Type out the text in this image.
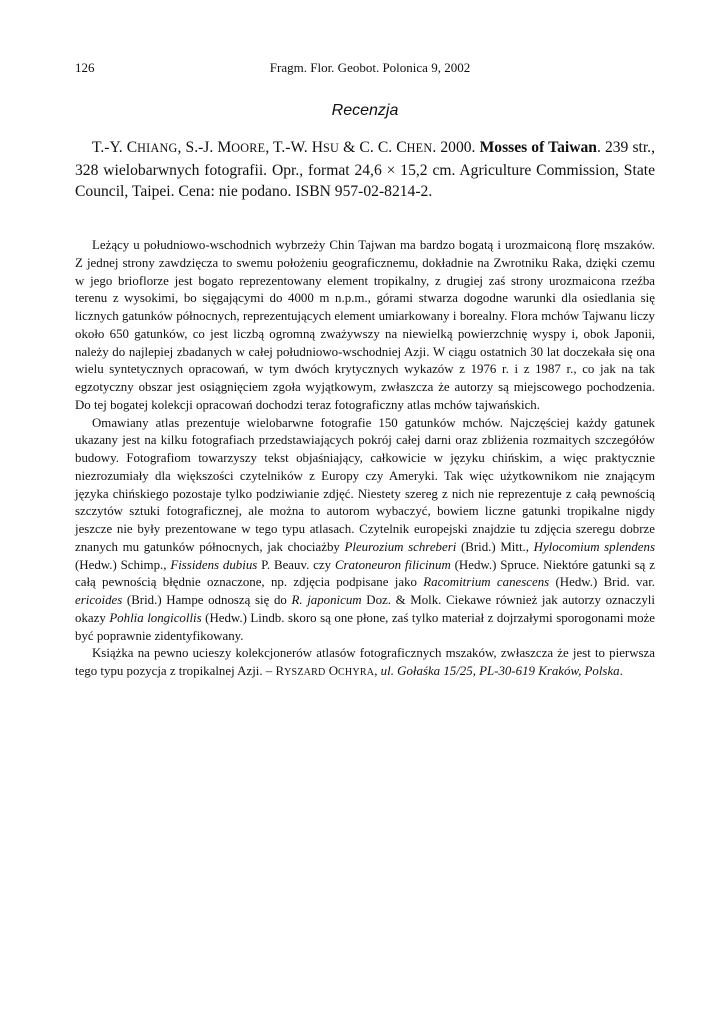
126	Fragm. Flor. Geobot. Polonica 9, 2002
Recenzja
T.-Y. CHIANG, S.-J. MOORE, T.-W. HSU & C. C. CHEN. 2000. Mosses of Taiwan. 239 str., 328 wielobarwnych fotografii. Opr., format 24,6 × 15,2 cm. Agriculture Commission, State Council, Taipei. Cena: nie podano. ISBN 957-02-8214-2.

Leżący u południowo-wschodnich wybrzeży Chin Tajwan ma bardzo bogatą i urozmaiconą florę mszaków. Z jednej strony zawdzięcza to swemu położeniu geograficznemu, dokładnie na Zwrotniku Raka, dzięki czemu w jego brioflorze jest bogato reprezentowany element tropikalny, z drugiej zaś strony urozmaicona rzeźba terenu z wysokimi, bo sięgającymi do 4000 m n.p.m., górami stwarza dogodne warunki dla osiedlania się licznych gatunków północnych, reprezentujących element umiarkowany i borealny. Flora mchów Tajwanu liczy około 650 gatunków, co jest liczbą ogromną zważywszy na niewielką powierzchnię wyspy i, obok Japonii, należy do najlepiej zbadanych w całej południowo-wschodniej Azji. W ciągu ostatnich 30 lat doczekała się ona wielu syntetycznych opracowań, w tym dwóch krytycznych wykazów z 1976 r. i z 1987 r., co jak na tak egzotyczny obszar jest osiągnięciem zgoła wyjątkowym, zwłaszcza że autorzy są miejscowego pochodzenia. Do tej bogatej kolekcji opracowań dochodzi teraz fotograficzny atlas mchów tajwańskich.

Omawiany atlas prezentuje wielobarwne fotografie 150 gatunków mchów. Najczęściej każdy gatunek ukazany jest na kilku fotografiach przedstawiających pokrój całej darni oraz zbliżenia rozmaitych szczegółów budowy. Fotografiom towarzyszy tekst objaśniający, całkowicie w języku chińskim, a więc praktycznie niezrozumiały dla większości czytelników z Europy czy Ameryki. Tak więc użytkownikom nie znającym języka chińskiego pozostaje tylko podziwianie zdjęć. Niestety szereg z nich nie reprezentuje z całą pewnością szczytów sztuki fotograficznej, ale można to autorom wybaczyć, bowiem liczne gatunki tropikalne nigdy jeszcze nie były prezentowane w tego typu atlasach. Czytelnik europejski znajdzie tu zdjęcia szeregu dobrze znanych mu gatunków północnych, jak chociażby Pleurozium schreberi (Brid.) Mitt., Hylocomium splendens (Hedw.) Schimp., Fissidens dubius P. Beauv. czy Cratoneuron filicinum (Hedw.) Spruce. Niektóre gatunki są z całą pewnością błędnie oznaczone, np. zdjęcia podpisane jako Racomitrium canescens (Hedw.) Brid. var. ericoides (Brid.) Hampe odnoszą się do R. japonicum Doz. & Molk. Ciekawe również jak autorzy oznaczyli okazy Pohlia longicollis (Hedw.) Lindb. skoro są one płone, zaś tylko materiał z dojrzałymi sporogonami może być poprawnie zidentyfikowany.

Książka na pewno ucieszy kolekcjonerów atlasów fotograficznych mszaków, zwłaszcza że jest to pierwsza tego typu pozycja z tropikalnej Azji. – RYSZARD OCHYRA, ul. Gołaśka 15/25, PL-30-619 Kraków, Polska.
